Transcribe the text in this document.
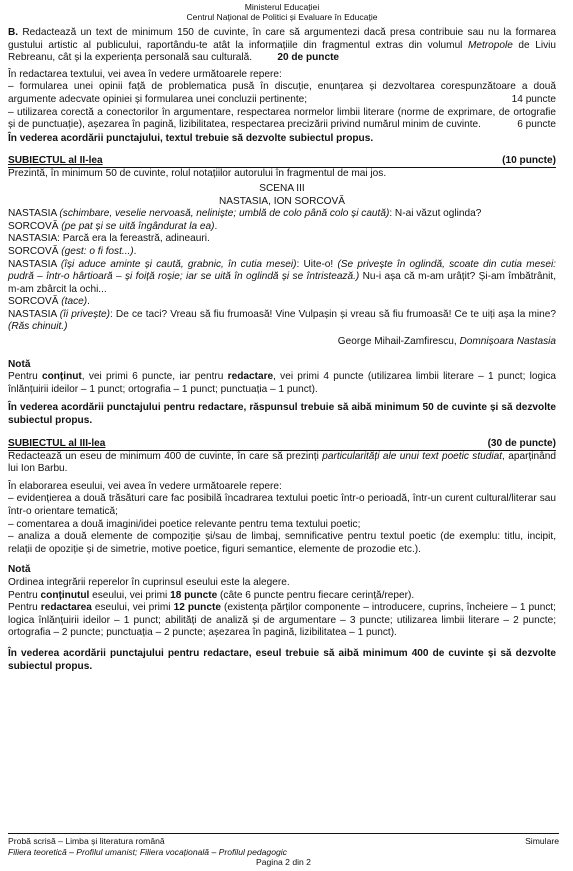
Ministerul Educației
Centrul Național de Politici și Evaluare în Educație

B. Redactează un text de minimum 150 de cuvinte, în care să argumentezi dacă presa contribuie sau nu la formarea gustului artistic al publicului, raportându-te atât la informațiile din fragmentul extras din volumul Metropole de Liviu Rebreanu, cât și la experiența personală sau culturală.	20 de puncte

În redactarea textului, vei avea în vedere următoarele repere:

– formularea unei opinii față de problematica pusă în discuție, enunțarea și dezvoltarea corespunzătoare a două argumente adecvate opiniei și formularea unei concluzii pertinente;	14 puncte

– utilizarea corectă a conectorilor în argumentare, respectarea normelor limbii literare (norme de exprimare, de ortografie și de punctuație), așezarea în pagină, lizibilitatea, respectarea precizării privind numărul minim de cuvinte.	6 puncte

În vederea acordării punctajului, textul trebuie să dezvolte subiectul propus.

SUBIECTUL al II-lea	(10 puncte)

Prezintă, în minimum 50 de cuvinte, rolul notațiilor autorului în fragmentul de mai jos.

SCENA III

NASTASIA, ION SORCOVĂ

NASTASIA (schimbare, veselie nervoasă, neliniște; umblă de colo până colo și caută): N-ai văzut oglinda?

SORCOVĂ (pe pat și se uită îngândurat la ea).

NASTASIA: Parcă era la fereastră, adineauri.

SORCOVĂ (gest: o fi fost...).

NASTASIA (își aduce aminte și caută, grabnic, în cutia mesei): Uite-o! (Se privește în oglindă, scoate din cutia mesei: pudră – într-o hârtioară – și foiță roșie; iar se uită în oglindă și se întristează.) Nu-i așa că m-am urâțit? Și-am îmbătrânit, m-am zbârcit la ochi...

SORCOVĂ (tace).

NASTASIA (îi privește): De ce taci? Vreau să fiu frumoasă! Vine Vulpașin și vreau să fiu frumoasă! Ce te uiți așa la mine? (Răs chinuit.)

George Mihail-Zamfirescu, Domnișoara Nastasia

Notă

Pentru conținut, vei primi 6 puncte, iar pentru redactare, vei primi 4 puncte (utilizarea limbii literare – 1 punct; logica înlănțuirii ideilor – 1 punct; ortografia – 1 punct; punctuația – 1 punct).

În vederea acordării punctajului pentru redactare, răspunsul trebuie să aibă minimum 50 de cuvinte și să dezvolte subiectul propus.

SUBIECTUL al III-lea	(30 de puncte)

Redactează un eseu de minimum 400 de cuvinte, în care să prezinți particularități ale unui text poetic studiat, aparținând lui Ion Barbu.

În elaborarea eseului, vei avea în vedere următoarele repere:

– evidențierea a două trăsături care fac posibilă încadrarea textului poetic într-o perioadă, într-un curent cultural/literar sau într-o orientare tematică;

– comentarea a două imagini/idei poetice relevante pentru tema textului poetic;

– analiza a două elemente de compoziție și/sau de limbaj, semnificative pentru textul poetic (de exemplu: titlu, incipit, relații de opoziție și de simetrie, motive poetice, figuri semantice, elemente de prozodie etc.).

Notă

Ordinea integrării reperelor în cuprinsul eseului este la alegere.

Pentru conținutul eseului, vei primi 18 puncte (câte 6 puncte pentru fiecare cerință/reper).

Pentru redactarea eseului, vei primi 12 puncte (existența părților componente – introducere, cuprins, încheiere – 1 punct; logica înlănțuirii ideilor – 1 punct; abilități de analiză și de argumentare – 3 puncte; utilizarea limbii literare – 2 puncte; ortografia – 2 puncte; punctuația – 2 puncte; așezarea în pagină, lizibilitatea – 1 punct).

În vederea acordării punctajului pentru redactare, eseul trebuie să aibă minimum 400 de cuvinte și să dezvolte subiectul propus.

Probă scrisă – Limba și literatura română	Simulare
Filiera teoretică – Profilul umanist; Filiera vocațională – Profilul pedagogic
Pagina 2 din 2
